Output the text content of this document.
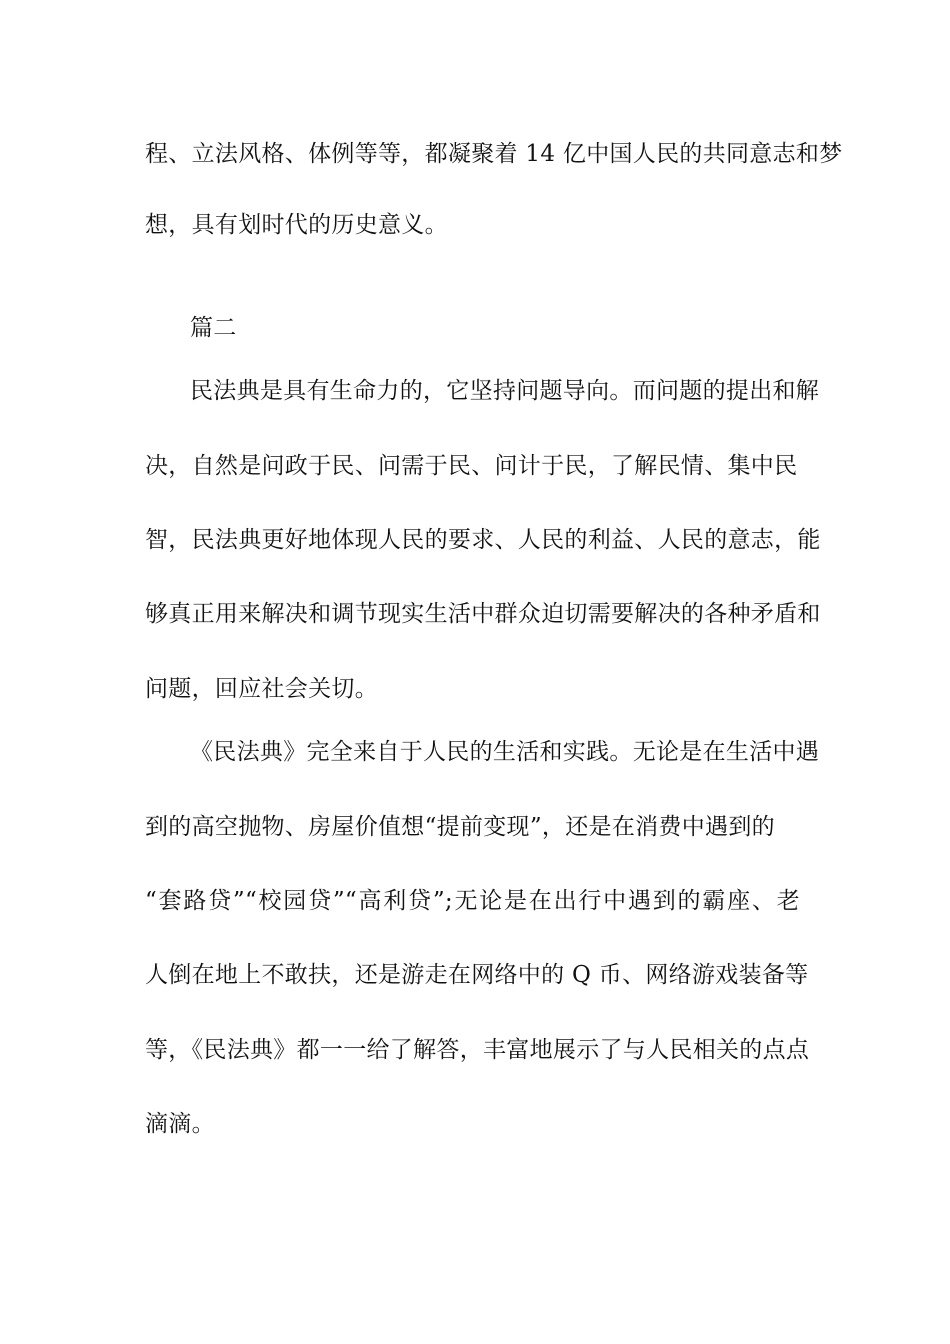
程、立法风格、体例等等，都凝聚着 14 亿中国人民的共同意志和梦
想，具有划时代的历史意义。
篇二
民法典是具有生命力的，它坚持问题导向。而问题的提出和解
决，自然是问政于民、问需于民、问计于民，了解民情、集中民
智，民法典更好地体现人民的要求、人民的利益、人民的意志，能
够真正用来解决和调节现实生活中群众迫切需要解决的各种矛盾和
问题，回应社会关切。
《民法典》完全来自于人民的生活和实践。无论是在生活中遇
到的高空抛物、房屋价值想“提前变现”，还是在消费中遇到的
“套路贷”“校园贷”“高利贷”;无论是在出行中遇到的霸座、老
人倒在地上不敢扶，还是游走在网络中的 Q 币、网络游戏装备等
等，《民法典》都一一给了解答，丰富地展示了与人民相关的点点
滴滴。
